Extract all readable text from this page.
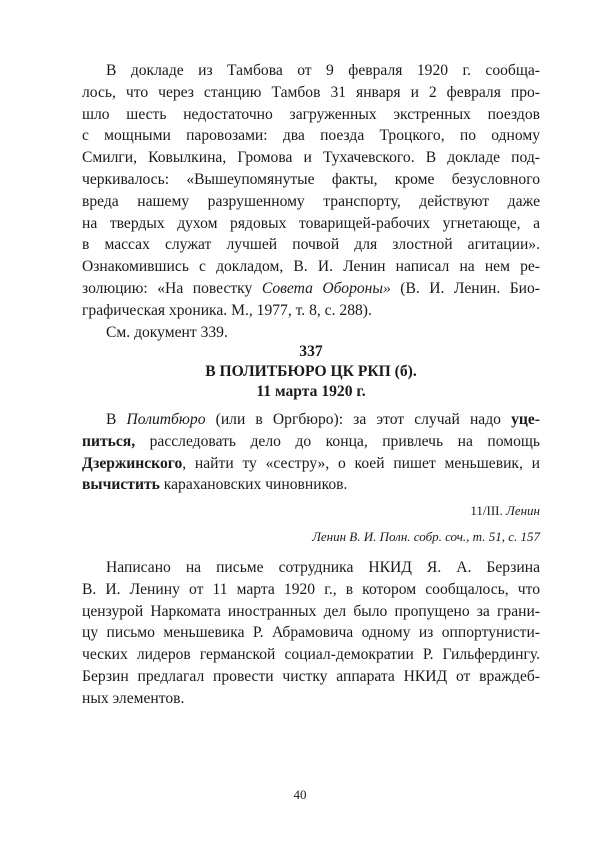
В докладе из Тамбова от 9 февраля 1920 г. сообща-
лось, что через станцию Тамбов 31 января и 2 февраля про-
шло шесть недостаточно загруженных экстренных поездов
с мощными паровозами: два поезда Троцкого, по одному
Смилги, Ковылкина, Громова и Тухачевского. В докладе под-
черкивалось: «Вышеупомянутые факты, кроме безусловного
вреда нашему разрушенному транспорту, действуют даже
на твердых духом рядовых товарищей-рабочих угнетающе, а
в массах служат лучшей почвой для злостной агитации».
Ознакомившись с докладом, В. И. Ленин написал на нем ре-
золюцию: «На повестку Совета Обороны» (В. И. Ленин. Био-
графическая хроника. М., 1977, т. 8, с. 288).

См. документ 339.

337
В ПОЛИТБЮРО ЦК РКП (б).
11 марта 1920 г.

В Политбюро (или в Оргбюро): за этот случай надо уце-
питься, расследовать дело до конца, привлечь на помощь
Дзержинского, найти ту «сестру», о коей пишет меньшевик, и
вычистить карахановских чиновников.

11/III. Ленин
Ленин В. И. Полн. собр. соч., т. 51, с. 157

Написано на письме сотрудника НКИД Я. А. Берзина
В. И. Ленину от 11 марта 1920 г., в котором сообщалось, что
цензурой Наркомата иностранных дел было пропущено за грани-
цу письмо меньшевика Р. Абрамовича одному из оппортунисти-
ческих лидеров германской социал-демократии Р. Гильфердингу.
Берзин предлагал провести чистку аппарата НКИД от враждеб-
ных элементов.

40
